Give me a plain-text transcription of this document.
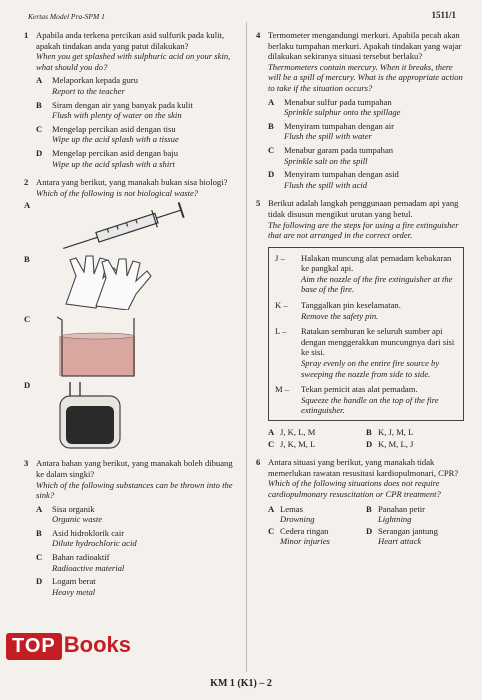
Kertas Model Pra-SPM 1	1511/1
1 Apabila anda terkena percikan asid sulfurik pada kulit, apakah tindakan anda yang patut dilakukan?
When you get splashed with sulphuric acid on your skin, what should you do?
A Melaporkan kepada guru
Report to the teacher
B Siram dengan air yang banyak pada kulit
Flush with plenty of water on the skin
C Mengelap percikan asid dengan tisu
Wipe up the acid splash with a tissue
D Mengelap percikan asid dengan baju
Wipe up the acid splash with a shirt
2 Antara yang berikut, yang manakah bukan sisa biologi?
Which of the following is not biological waste?
A
B
C
D
3 Antara bahan yang berikut, yang manakah boleh dibuang ke dalam singki?
Which of the following substances can be thrown into the sink?
A Sisa organik
Organic waste
B Asid hidroklorik cair
Dilute hydrochloric acid
C Bahan radioaktif
Radioactive material
D Logam berat
Heavy metal
4 Termometer mengandungi merkuri. Apabila pecah akan berlaku tumpahan merkuri. Apakah tindakan yang wajar dilakukan sekiranya situasi tersebut berlaku?
Thermometers contain mercury. When it breaks, there will be a spill of mercury. What is the appropriate action to take if the situation occurs?
A Menabur sulfur pada tumpahan
Sprinkle sulphur onto the spillage
B Menyiram tumpahan dengan air
Flush the spill with water
C Menabur garam pada tumpahan
Sprinkle salt on the spill
D Menyiram tumpahan dengan asid
Flush the spill with acid
5 Berikut adalah langkah penggunaan pemadam api yang tidak disusun mengikut urutan yang betul.
The following are the steps for using a fire extinguisher that are not arranged in the correct order.
J – Halakan muncung alat pemadam kebakaran ke pangkal api.
Aim the nozzle of the fire extinguisher at the base of the fire.
K – Tanggalkan pin keselamatan.
Remove the safety pin.
L – Ratakan semburan ke seluruh sumber api dengan menggerakkan muncungnya dari sisi ke sisi.
Spray evenly on the entire fire source by sweeping the nozzle from side to side.
M – Tekan pemicit atas alat pemadam.
Squeeze the handle on the top of the fire extinguisher.
A J, K, L, M	B K, J, M, L
C J, K, M, L	D K, M, L, J
6 Antara situasi yang berikut, yang manakah tidak memerlukan rawatan resusitasi kardiopulmonari, CPR?
Which of the following situations does not require cardiopulmonary resuscitation or CPR treatment?
A Lemas
Drowning
B Panahan petir
Lightning
C Cedera ringan
Minor injuries
D Serangan jantung
Heart attack
TOP Books
KM 1 (K1) – 2
